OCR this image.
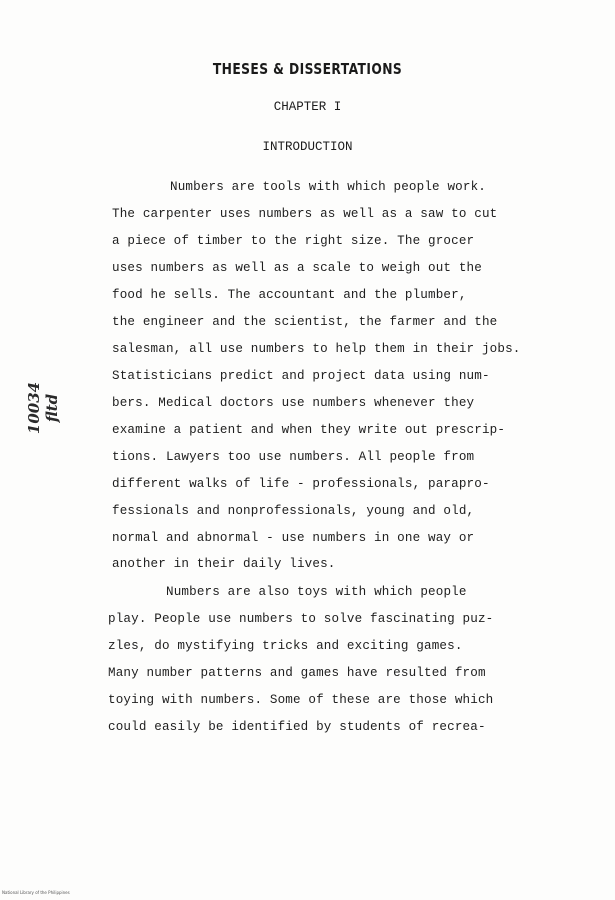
THESES & DISSERTATIONS
CHAPTER I
INTRODUCTION
10034 fltd
Numbers are tools with which people work.
The carpenter uses numbers as well as a saw to cut
a piece of timber to the right size. The grocer
uses numbers as well as a scale to weigh out the
food he sells. The accountant and the plumber,
the engineer and the scientist, the farmer and the
salesman, all use numbers to help them in their jobs.
Statisticians predict and project data using num-
bers. Medical doctors use numbers whenever they
examine a patient and when they write out prescrip-
tions. Lawyers too use numbers. All people from
different walks of life - professionals, parapro-
fessionals and nonprofessionals, young and old,
normal and abnormal - use numbers in one way or
another in their daily lives.
Numbers are also toys with which people
play. People use numbers to solve fascinating puz-
zles, do mystifying tricks and exciting games.
Many number patterns and games have resulted from
toying with numbers. Some of these are those which
could easily be identified by students of recrea-
National Library of the Philippines
